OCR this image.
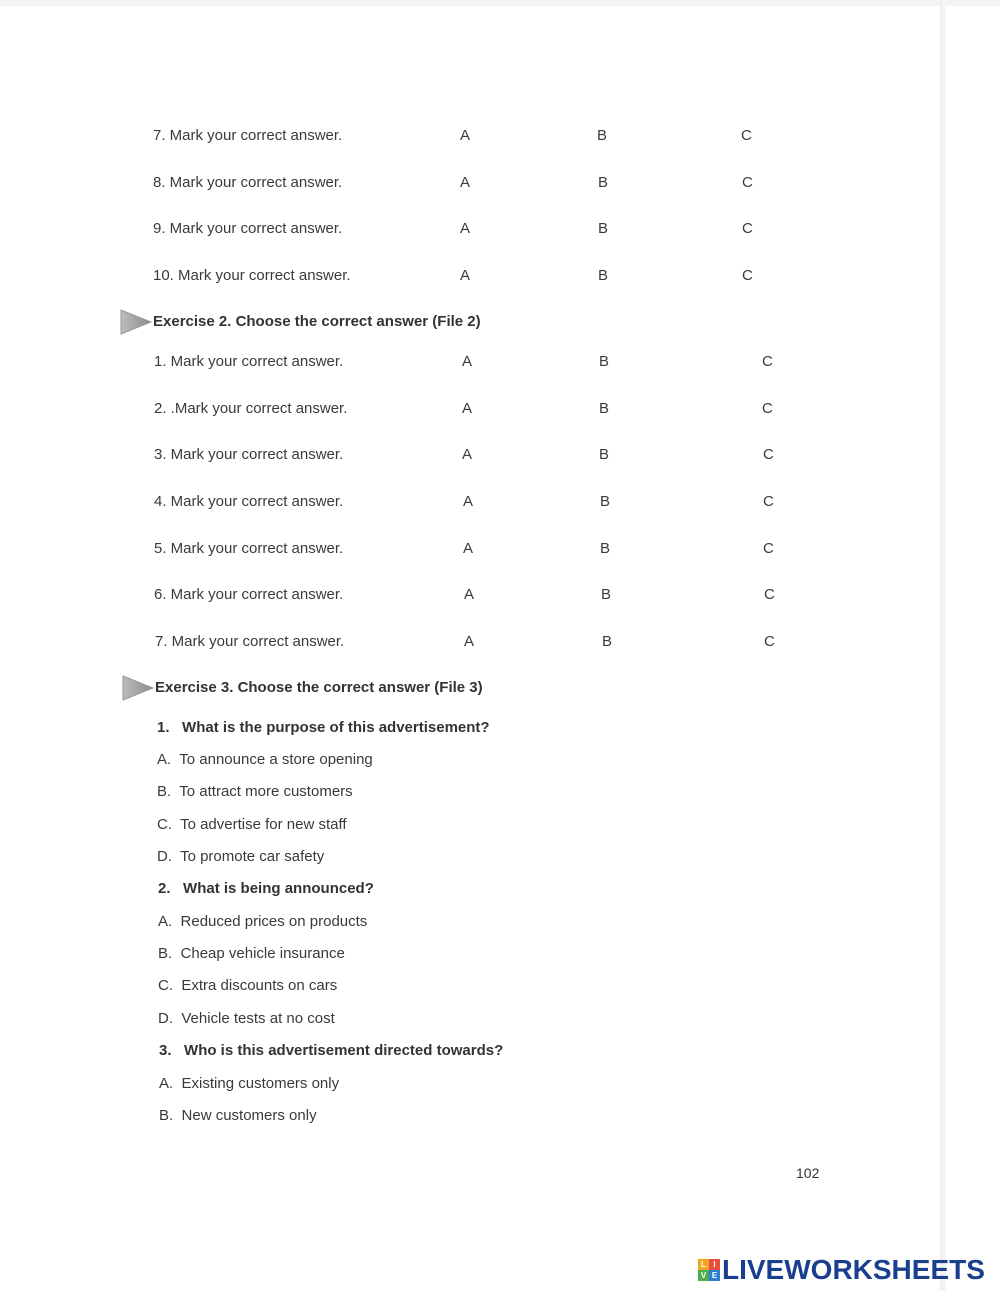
7. Mark your correct answer.	A	B	C
8. Mark your correct answer.	A	B	C
9. Mark your correct answer.	A	B	C
10. Mark your correct answer.	A	B	C
Exercise 2. Choose the correct answer (File 2)
1. Mark your correct answer.	A	B	C
2. .Mark your correct answer.	A	B	C
3. Mark your correct answer.	A	B	C
4. Mark your correct answer.	A	B	C
5. Mark your correct answer.	A	B	C
6. Mark your correct answer.	A	B	C
7. Mark your correct answer.	A	B	C
Exercise 3. Choose the correct answer (File 3)
1. What is the purpose of this advertisement?
A. To announce a store opening
B. To attract more customers
C. To advertise for new staff
D. To promote car safety
2. What is being announced?
A. Reduced prices on products
B. Cheap vehicle insurance
C. Extra discounts on cars
D. Vehicle tests at no cost
3. Who is this advertisement directed towards?
A. Existing customers only
B. New customers only
102
L I
V E LIVEWORKSHEETS
